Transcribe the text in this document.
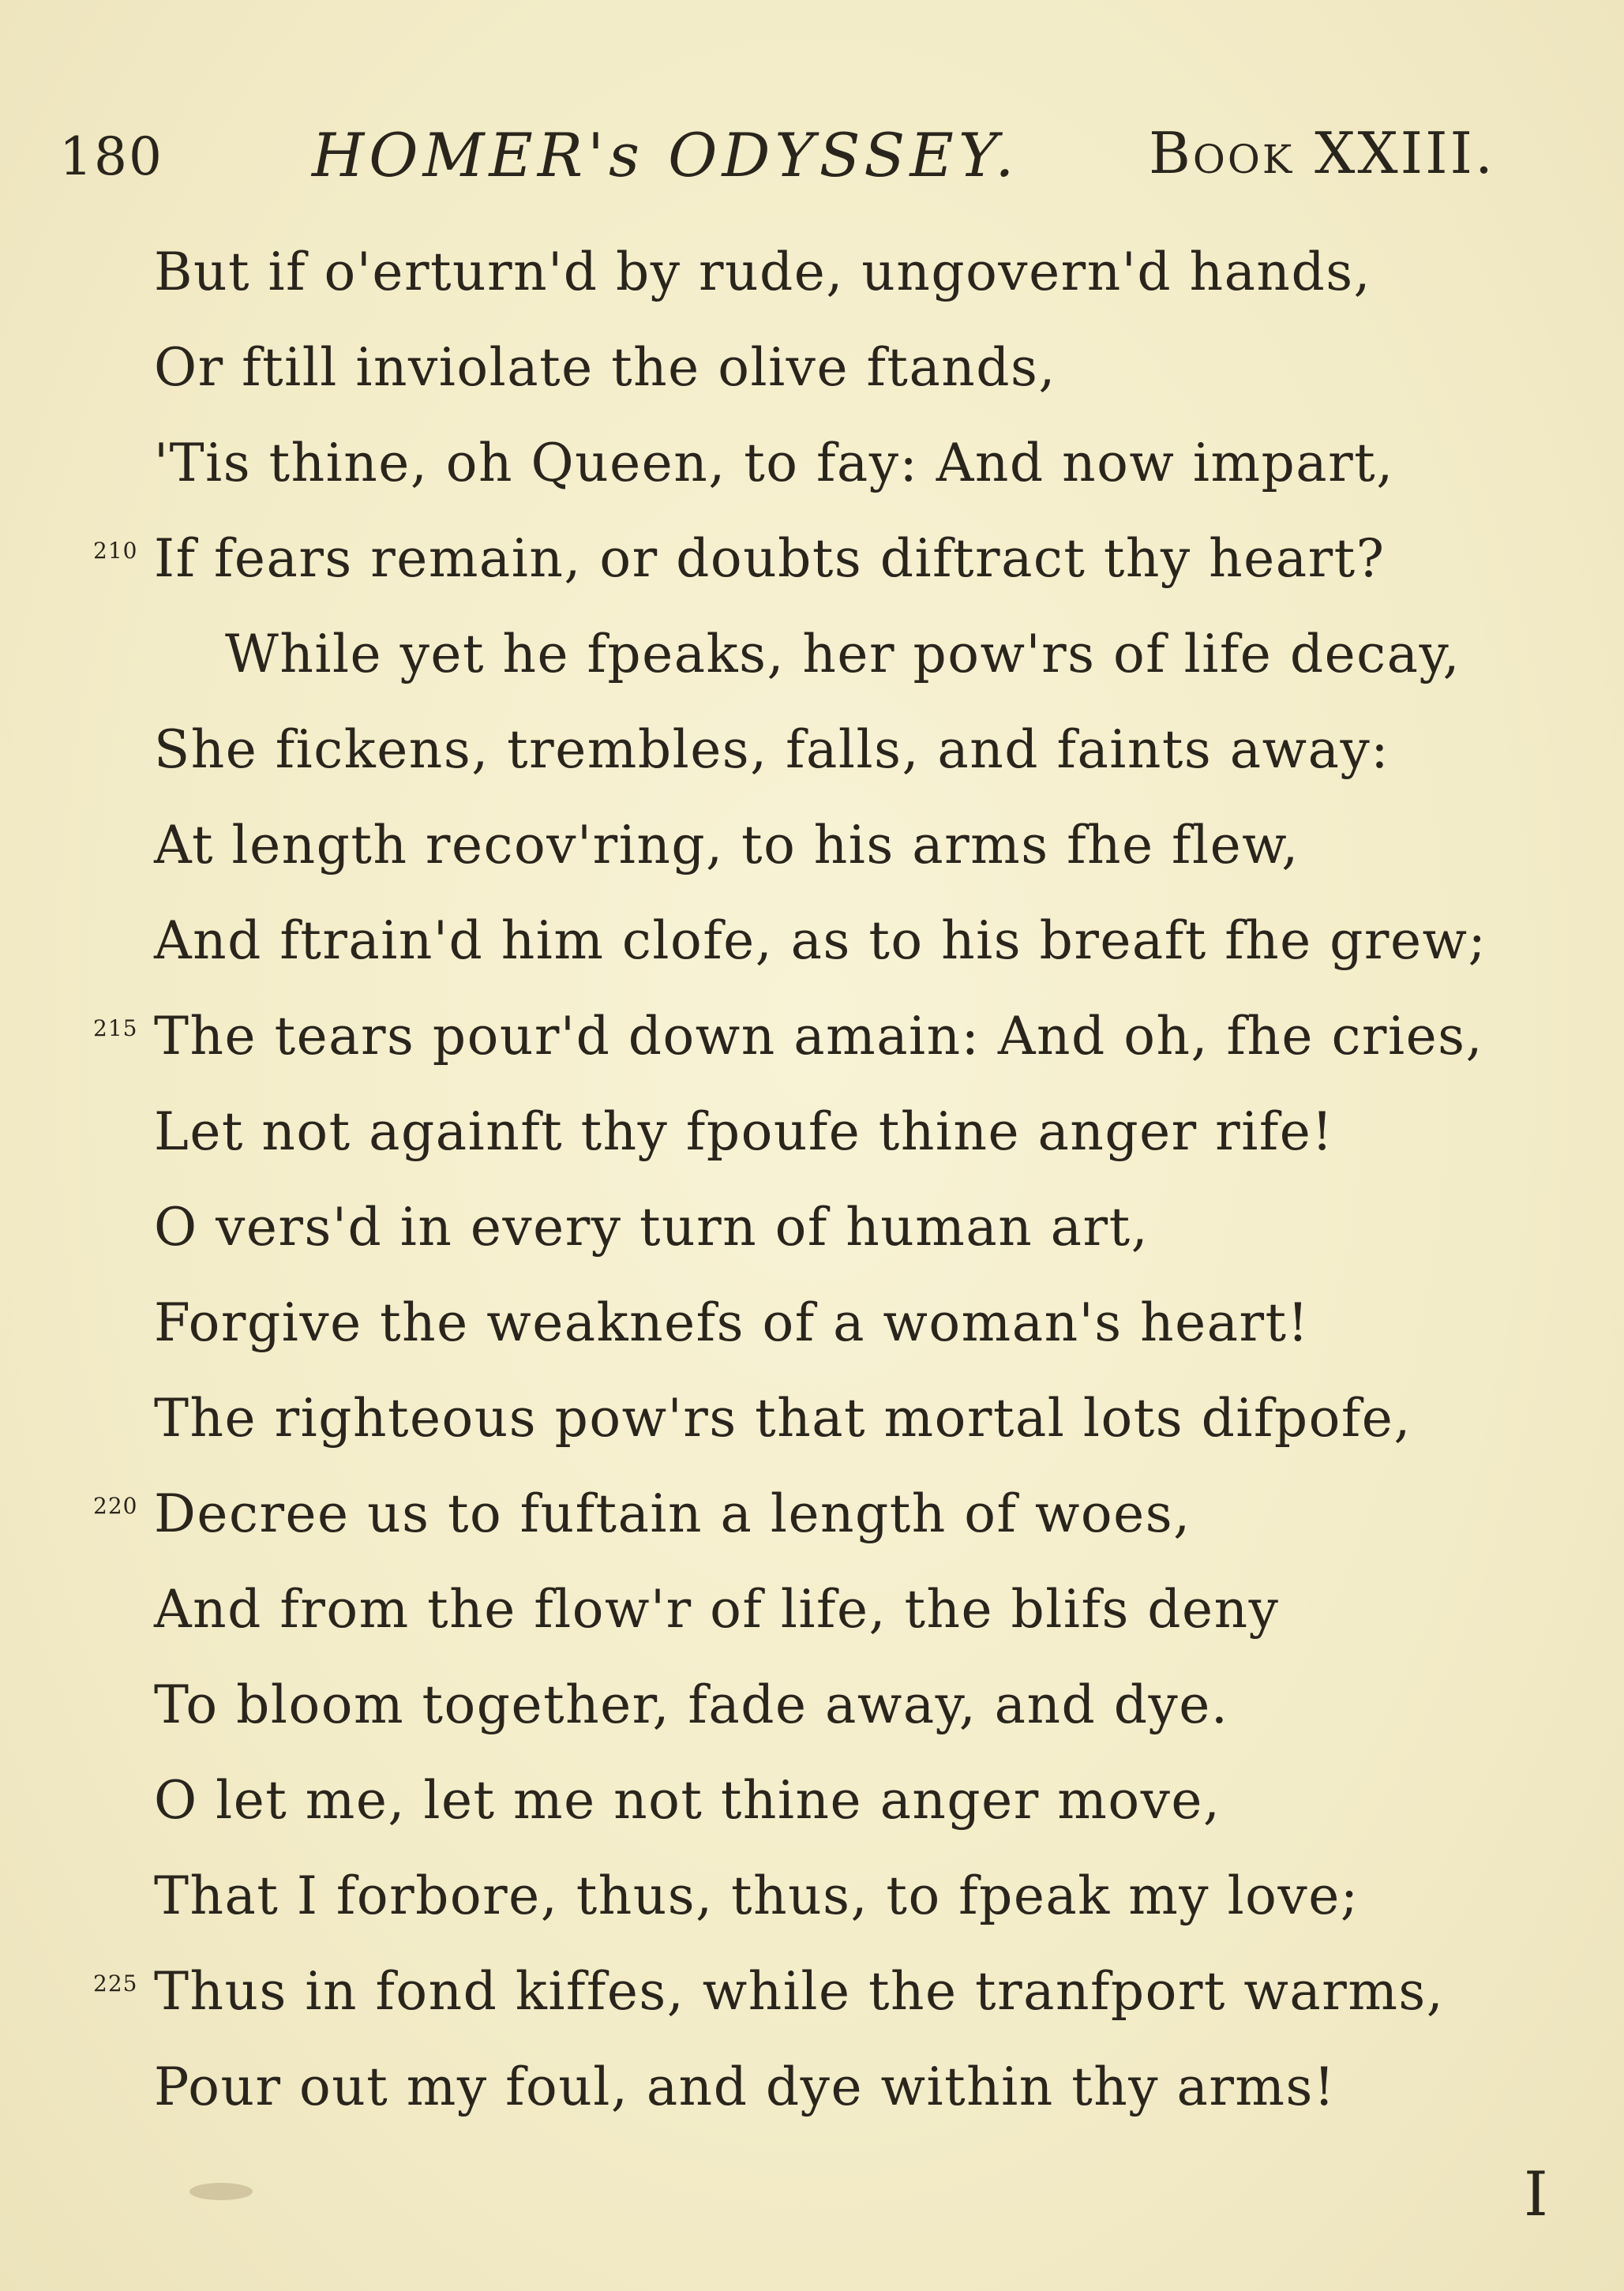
180 HOMER's ODYSSEY. Book XXIII.
But if o'erturn'd by rude, ungovern'd hands,
Or ftill inviolate the olive ftands,
'Tis thine, oh Queen, to fay: And now impart,
210 If fears remain, or doubts diftract thy heart?
While yet he fpeaks, her pow'rs of life decay,
She fickens, trembles, falls, and faints away:
At length recov'ring, to his arms fhe flew,
And ftrain'd him clofe, as to his breaft fhe grew;
215 The tears pour'd down amain: And oh, fhe cries,
Let not againft thy fpoufe thine anger rife!
O vers'd in every turn of human art,
Forgive the weaknefs of a woman's heart!
The righteous pow'rs that mortal lots difpofe,
220 Decree us to fuftain a length of woes,
And from the flow'r of life, the blifs deny
To bloom together, fade away, and dye.
O let me, let me not thine anger move,
That I forbore, thus, thus, to fpeak my love;
225 Thus in fond kiffes, while the tranfport warms,
Pour out my foul, and dye within thy arms!
I
